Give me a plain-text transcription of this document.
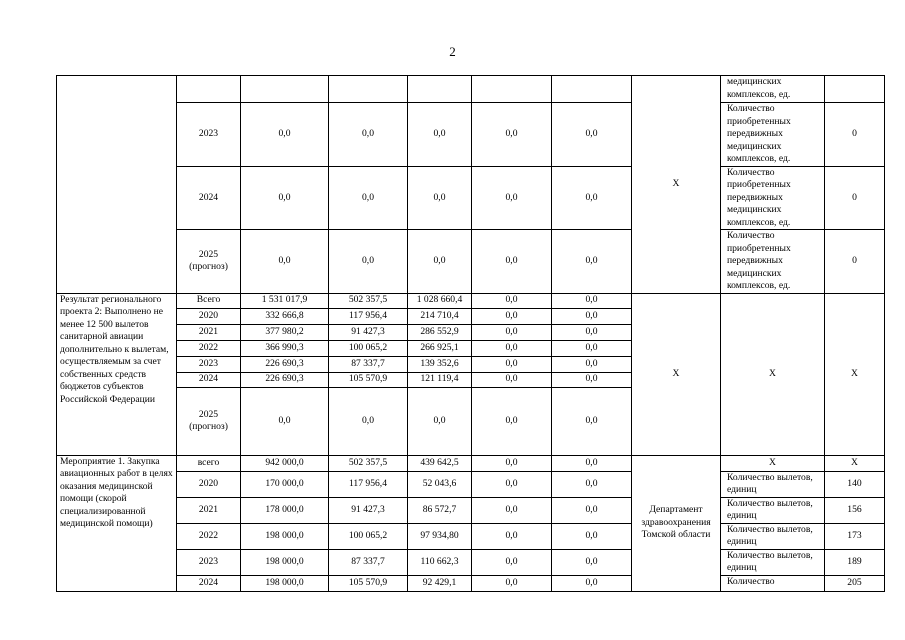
2
							X	медицинских комплексов, ед.	
	2023	0,0	0,0	0,0	0,0	0,0		Количество приобретенных передвижных медицинских комплексов, ед.	0
	2024	0,0	0,0	0,0	0,0	0,0		Количество приобретенных передвижных медицинских комплексов, ед.	0
	2025 (прогноз)	0,0	0,0	0,0	0,0	0,0		Количество приобретенных передвижных медицинских комплексов, ед.	0
Результат регионального проекта 2: Выполнено не менее 12 500 вылетов санитарной авиации дополнительно к вылетам, осуществляемым за счет собственных средств бюджетов субъектов Российской Федерации	Всего	1 531 017,9	502 357,5	1 028 660,4	0,0	0,0	X	X	X
	2020	332 666,8	117 956,4	214 710,4	0,0	0,0			
	2021	377 980,2	91 427,3	286 552,9	0,0	0,0			
	2022	366 990,3	100 065,2	266 925,1	0,0	0,0			
	2023	226 690,3	87 337,7	139 352,6	0,0	0,0			
	2024	226 690,3	105 570,9	121 119,4	0,0	0,0			
	2025 (прогноз)	0,0	0,0	0,0	0,0	0,0			
Мероприятие 1. Закупка авиационных работ в целях оказания медицинской помощи (скорой специализированной медицинской помощи)	всего	942 000,0	502 357,5	439 642,5	0,0	0,0	Департамент здравоохранения Томской области	X	X
	2020	170 000,0	117 956,4	52 043,6	0,0	0,0		Количество вылетов, единиц	140
	2021	178 000,0	91 427,3	86 572,7	0,0	0,0		Количество вылетов, единиц	156
	2022	198 000,0	100 065,2	97 934,80	0,0	0,0		Количество вылетов, единиц	173
	2023	198 000,0	87 337,7	110 662,3	0,0	0,0		Количество вылетов, единиц	189
	2024	198 000,0	105 570,9	92 429,1	0,0	0,0		Количество	205
